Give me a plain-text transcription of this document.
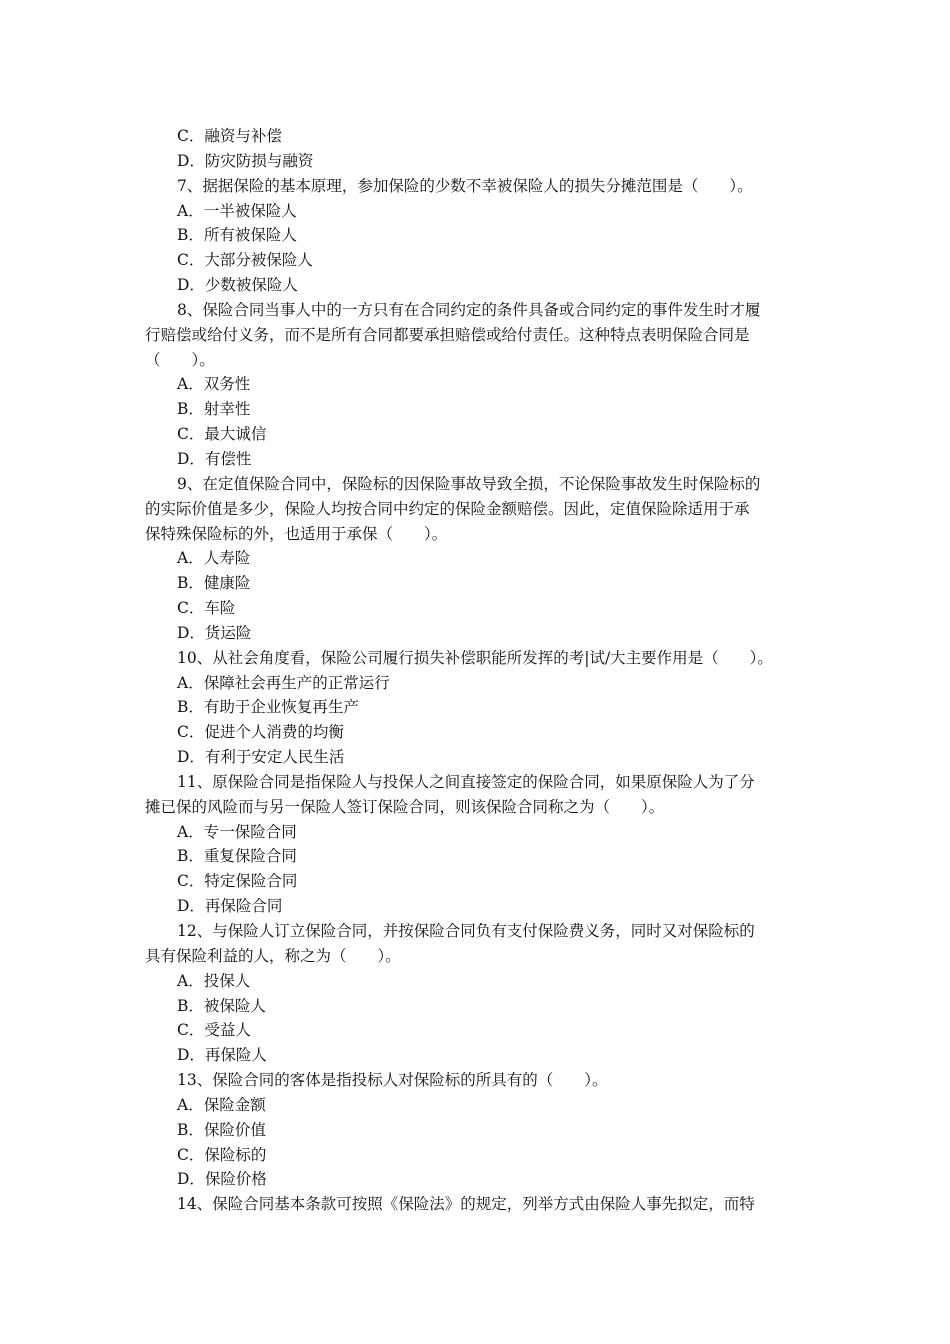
C．融资与补偿
D．防灾防损与融资
7、据据保险的基本原理，参加保险的少数不幸被保险人的损失分摊范围是（　　）。
A．一半被保险人
B．所有被保险人
C．大部分被保险人
D．少数被保险人
8、保险合同当事人中的一方只有在合同约定的条件具备或合同约定的事件发生时才履
行赔偿或给付义务，而不是所有合同都要承担赔偿或给付责任。这种特点表明保险合同是
（　　）。
A．双务性
B．射幸性
C．最大诚信
D．有偿性
9、在定值保险合同中，保险标的因保险事故导致全损，不论保险事故发生时保险标的
的实际价值是多少，保险人均按合同中约定的保险金额赔偿。因此，定值保险除适用于承
保特殊保险标的外，也适用于承保（　　）。
A．人寿险
B．健康险
C．车险
D．货运险
10、从社会角度看，保险公司履行损失补偿职能所发挥的考|试/大主要作用是（　　）。
A．保障社会再生产的正常运行
B．有助于企业恢复再生产
C．促进个人消费的均衡
D．有利于安定人民生活
11、原保险合同是指保险人与投保人之间直接签定的保险合同，如果原保险人为了分
摊已保的风险而与另一保险人签订保险合同，则该保险合同称之为（　　）。
A．专一保险合同
B．重复保险合同
C．特定保险合同
D．再保险合同
12、与保险人订立保险合同，并按保险合同负有支付保险费义务，同时又对保险标的
具有保险利益的人，称之为（　　）。
A．投保人
B．被保险人
C．受益人
D．再保险人
13、保险合同的客体是指投标人对保险标的所具有的（　　）。
A．保险金额
B．保险价值
C．保险标的
D．保险价格
14、保险合同基本条款可按照《保险法》的规定，列举方式由保险人事先拟定，而特
